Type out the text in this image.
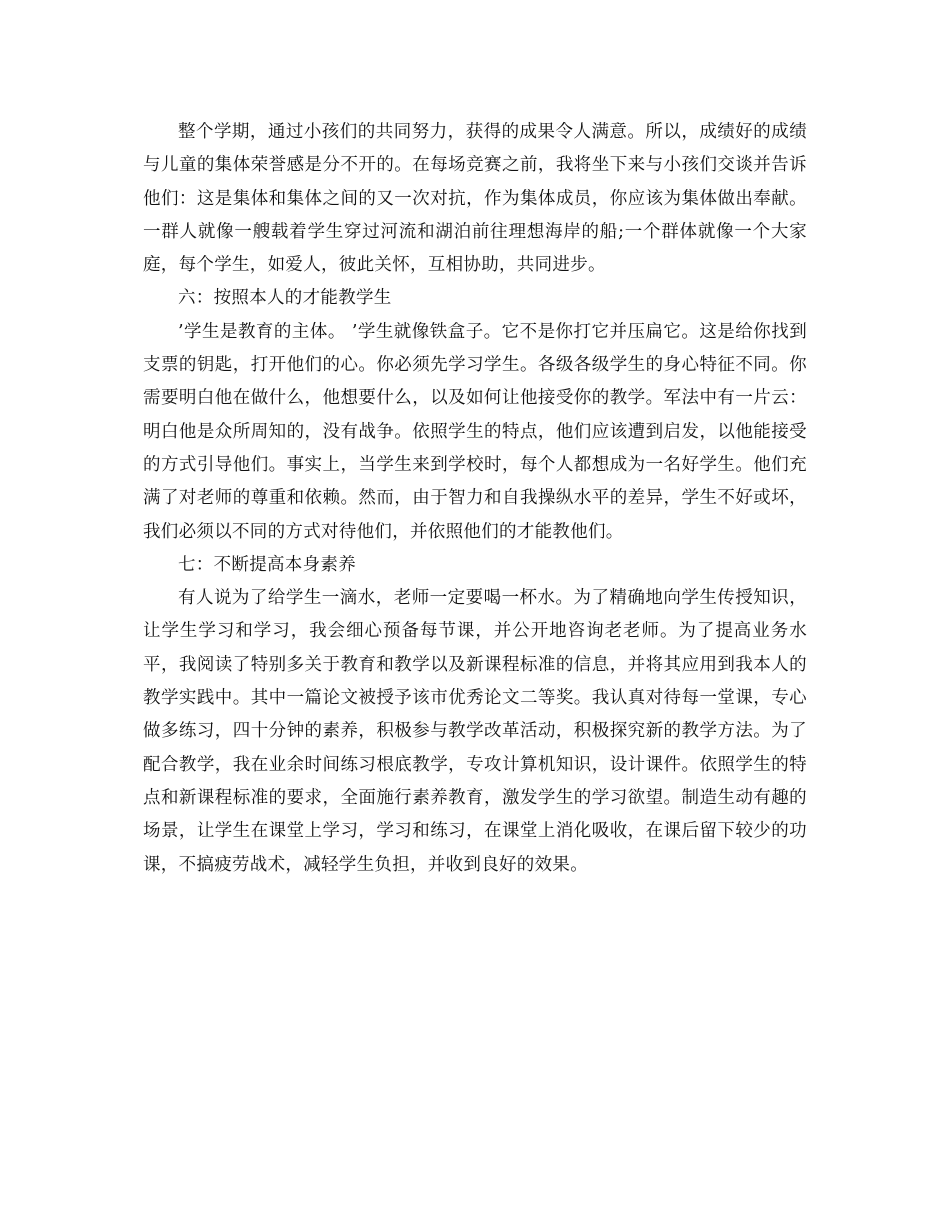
整个学期，通过小孩们的共同努力，获得的成果令人满意。所以，成绩好的成绩与儿童的集体荣誉感是分不开的。在每场竞赛之前，我将坐下来与小孩们交谈并告诉他们：这是集体和集体之间的又一次对抗，作为集体成员，你应该为集体做出奉献。一群人就像一艘载着学生穿过河流和湖泊前往理想海岸的船;一个群体就像一个大家庭，每个学生，如爱人，彼此关怀，互相协助，共同进步。

六：按照本人的才能教学生

’学生是教育的主体。 ’学生就像铁盒子。它不是你打它并压扁它。这是给你找到支票的钥匙，打开他们的心。你必须先学习学生。各级各级学生的身心特征不同。你需要明白他在做什么，他想要什么，以及如何让他接受你的教学。军法中有一片云：明白他是众所周知的，没有战争。依照学生的特点，他们应该遭到启发，以他能接受的方式引导他们。事实上，当学生来到学校时，每个人都想成为一名好学生。他们充满了对老师的尊重和依赖。然而，由于智力和自我操纵水平的差异，学生不好或坏，我们必须以不同的方式对待他们，并依照他们的才能教他们。

七：不断提高本身素养

有人说为了给学生一滴水，老师一定要喝一杯水。为了精确地向学生传授知识，让学生学习和学习，我会细心预备每节课，并公开地咨询老老师。为了提高业务水平，我阅读了特别多关于教育和教学以及新课程标准的信息，并将其应用到我本人的教学实践中。其中一篇论文被授予该市优秀论文二等奖。我认真对待每一堂课，专心做多练习，四十分钟的素养，积极参与教学改革活动，积极探究新的教学方法。为了配合教学，我在业余时间练习根底教学，专攻计算机知识，设计课件。依照学生的特点和新课程标准的要求，全面施行素养教育，激发学生的学习欲望。制造生动有趣的场景，让学生在课堂上学习，学习和练习，在课堂上消化吸收，在课后留下较少的功课，不搞疲劳战术，减轻学生负担，并收到良好的效果。
